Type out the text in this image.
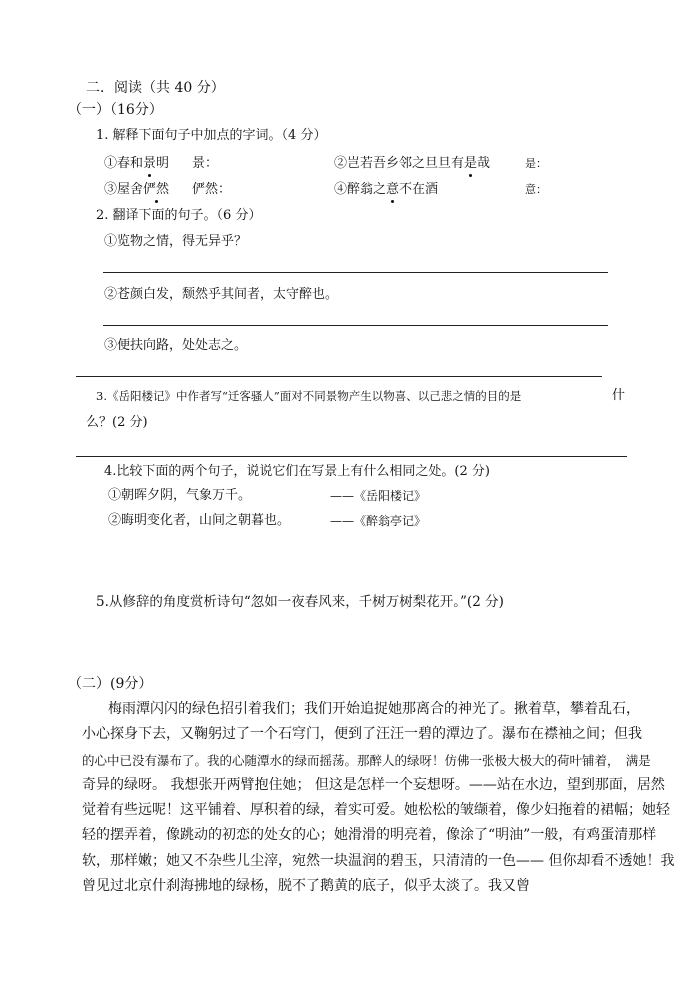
二．阅读（共 40 分）
（一）（16分）
1. 解释下面句子中加点的字词。（4 分）
①春和景明 景：	②岂若吾乡邻之旦旦有是哉	是：
③屋舍俨然 俨然：	④醉翁之意不在酒	意：
2. 翻译下面的句子。（6 分）
①览物之情，得无异乎？
②苍颜白发，颓然乎其间者，太守醉也。
③便扶向路，处处志之。
3.《岳阳楼记》中作者写“迁客骚人”面对不同景物产生以物喜、以己悲之情的目的是	什
么？(2 分)
4.比较下面的两个句子，说说它们在写景上有什么相同之处。(2 分)
①朝晖夕阴，气象万千。	——《岳阳楼记》
②晦明变化者，山间之朝暮也。	——《醉翁亭记》
5.从修辞的角度赏析诗句“忽如一夜春风来，千树万树梨花开。”(2 分)
（二）(9分）
梅雨潭闪闪的绿色招引着我们；我们开始追捉她那离合的神光了。揪着草，攀着乱石，
小心探身下去，又鞠躬过了一个石穹门，便到了汪汪一碧的潭边了。瀑布在襟袖之间；但我
的心中已没有瀑布了。我的心随潭水的绿而摇荡。那醉人的绿呀！仿佛一张极大极大的荷叶铺着，　满是
奇异的绿呀。 我想张开两臂抱住她； 但这是怎样一个妄想呀。——站在水边，望到那面，居然
觉着有些远呢！这平铺着、厚积着的绿，着实可爱。她松松的皱缬着，像少妇拖着的裙幅；她轻
轻的摆弄着，像跳动的初恋的处女的心；她滑滑的明亮着，像涂了“明油”一般，有鸡蛋清那样
软，那样嫩；她又不杂些儿尘滓，宛然一块温润的碧玉，只清清的一色—— 但你却看不透她！我
曾见过北京什刹海拂地的绿杨，脱不了鹅黄的底子，似乎太淡了。我又曾
